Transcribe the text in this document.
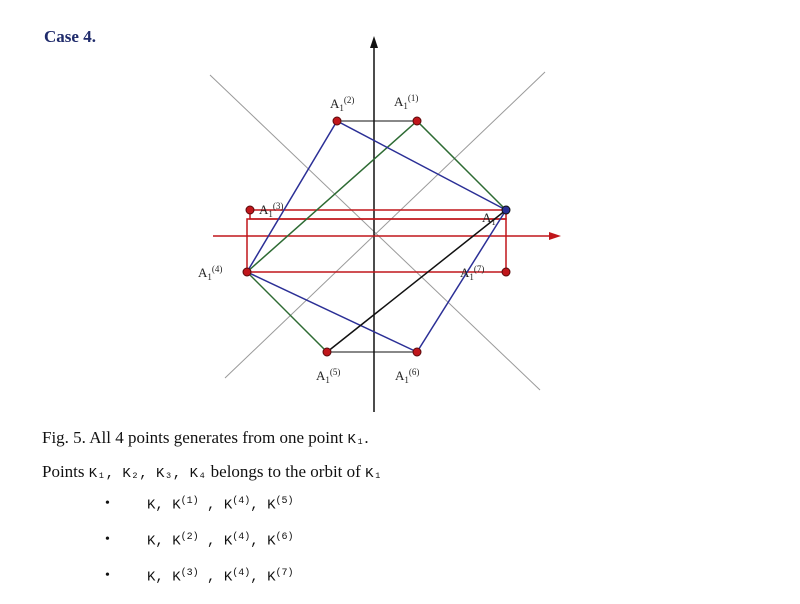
Case 4.
$A_1^{(2)}$	$A_1^{(1)}$
$A_1^{(3)}$
$A_1$
$A_1^{(4)}$	$A_1^{(7)}$
$A_1^{(5)}$	$A_1^{(6)}$
Fig. 5. All 4 points generates from one point K₁.
Points K₁, K₂, K₃, K₄ belongs to the orbit of K₁
•	K, $K^{(1)}$ , $K^{(4)}$, $K^{(5)}$
•	K, $K^{(2)}$ , $K^{(4)}$, $K^{(6)}$
•	K, $K^{(3)}$ , $K^{(4)}$, $K^{(7)}$
